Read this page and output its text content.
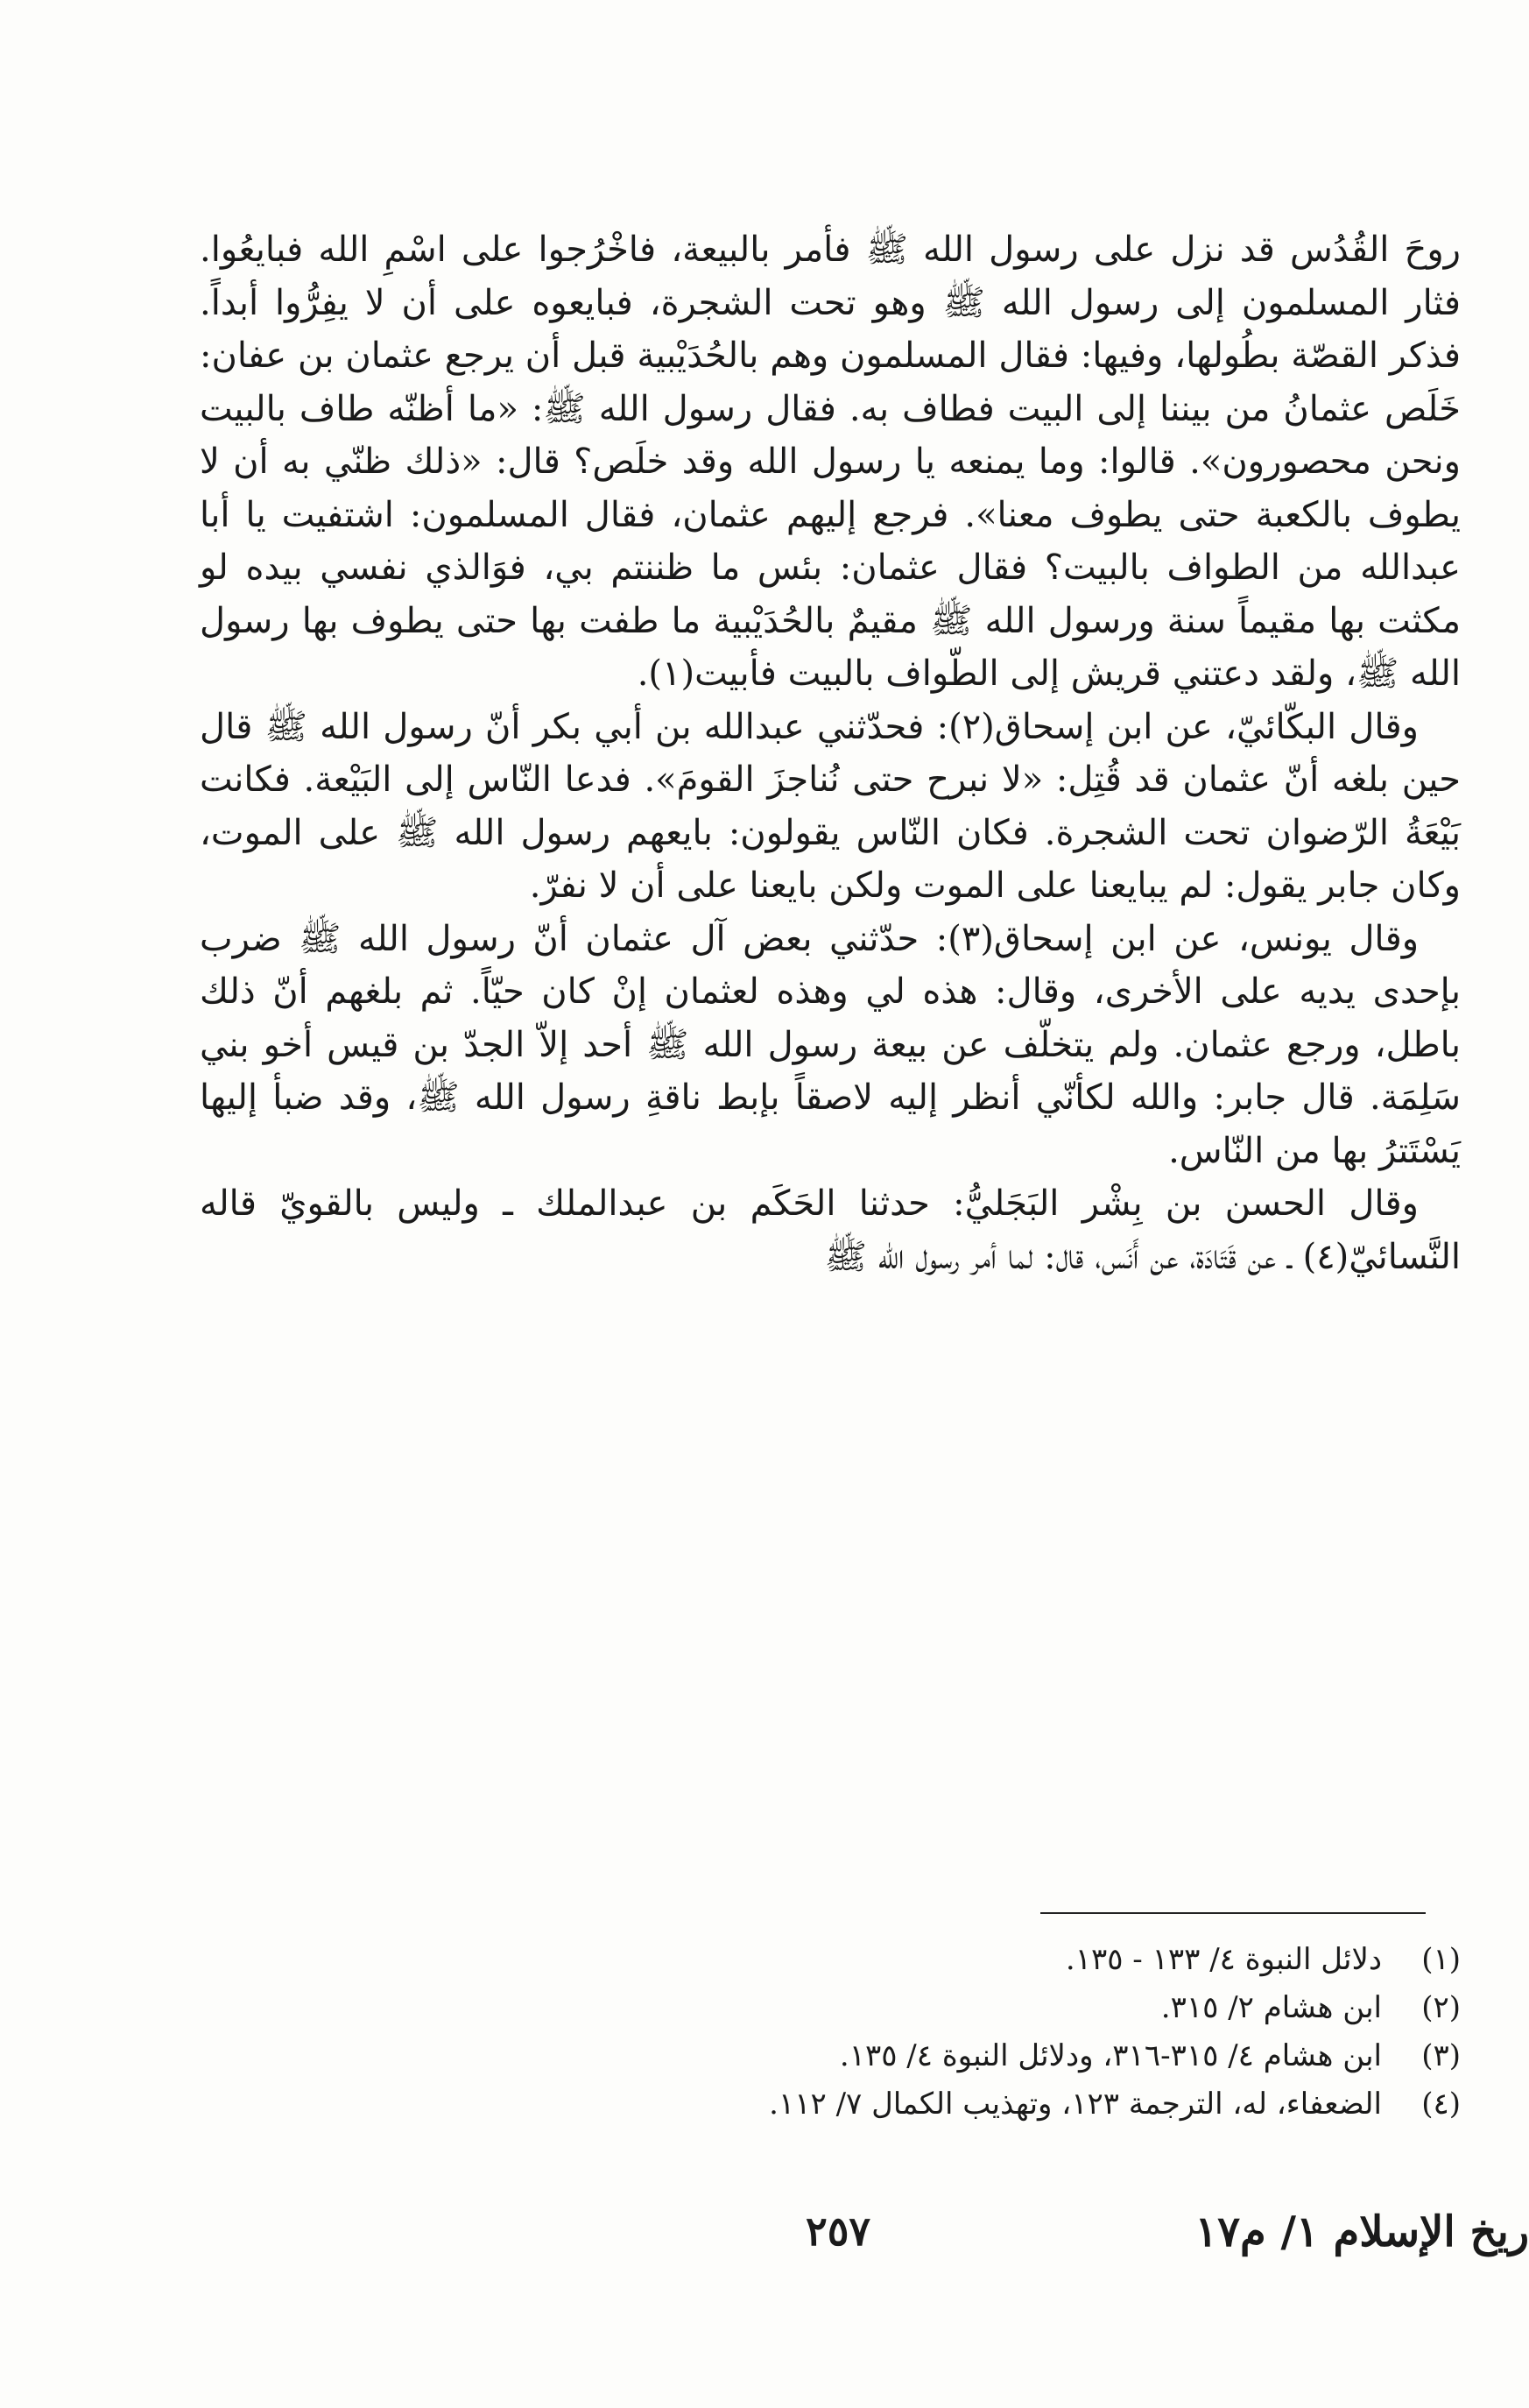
روحَ القُدُس قد نزل على رسول الله ﷺ فأمر بالبيعة، فاخْرُجوا على اسْمِ الله فبايعُوا. فثار المسلمون إلى رسول الله ﷺ وهو تحت الشجرة، فبايعوه على أن لا يفِرُّوا أبداً. فذكر القصّة بطُولها، وفيها: فقال المسلمون وهم بالحُدَيْبية قبل أن يرجع عثمان بن عفان: خَلَص عثمانُ من بيننا إلى البيت فطاف به. فقال رسول الله ﷺ: «ما أظنّه طاف بالبيت ونحن محصورون». قالوا: وما يمنعه يا رسول الله وقد خلَص؟ قال: «ذلك ظنّي به أن لا يطوف بالكعبة حتى يطوف معنا». فرجع إليهم عثمان، فقال المسلمون: اشتفيت يا أبا عبدالله من الطواف بالبيت؟ فقال عثمان: بئس ما ظننتم بي، فوَالذي نفسي بيده لو مكثت بها مقيماً سنة ورسول الله ﷺ مقيمٌ بالحُدَيْبية ما طفت بها حتى يطوف بها رسول الله ﷺ، ولقد دعتني قريش إلى الطّواف بالبيت فأبيت(١).

وقال البكّائيّ، عن ابن إسحاق(٢): فحدّثني عبدالله بن أبي بكر أنّ رسول الله ﷺ قال حين بلغه أنّ عثمان قد قُتِل: «لا نبرح حتى نُناجزَ القومَ». فدعا النّاس إلى البَيْعة. فكانت بَيْعَةُ الرّضوان تحت الشجرة. فكان النّاس يقولون: بايعهم رسول الله ﷺ على الموت، وكان جابر يقول: لم يبايعنا على الموت ولكن بايعنا على أن لا نفرّ.

وقال يونس، عن ابن إسحاق(٣): حدّثني بعض آل عثمان أنّ رسول الله ﷺ ضرب بإحدى يديه على الأخرى، وقال: هذه لي وهذه لعثمان إنْ كان حيّاً. ثم بلغهم أنّ ذلك باطل، ورجع عثمان. ولم يتخلّف عن بيعة رسول الله ﷺ أحد إلاّ الجدّ بن قيس أخو بني سَلِمَة. قال جابر: والله لكأنّي أنظر إليه لاصقاً بإبط ناقةِ رسول الله ﷺ، وقد ضبأ إليها يَسْتَترُ بها من النّاس.

وقال الحسن بن بِشْر البَجَليُّ: حدثنا الحَكَم بن عبدالملك ـ وليس بالقويّ قاله النَّسائيّ(٤) ـ عن قَتَادَة، عن أَنَس، قال: لما أمر رسول الله ﷺ

(١)
دلائل النبوة ٤/ ١٣٣ - ١٣٥.
(٢)
ابن هشام ٢/ ٣١٥.
(٣)
ابن هشام ٤/ ٣١٥-٣١٦، ودلائل النبوة ٤/ ١٣٥.
(٤)
الضعفاء، له، الترجمة ١٢٣، وتهذيب الكمال ٧/ ١١٢.
٢٥٧	ريخ الإسلام ١/ م١٧
